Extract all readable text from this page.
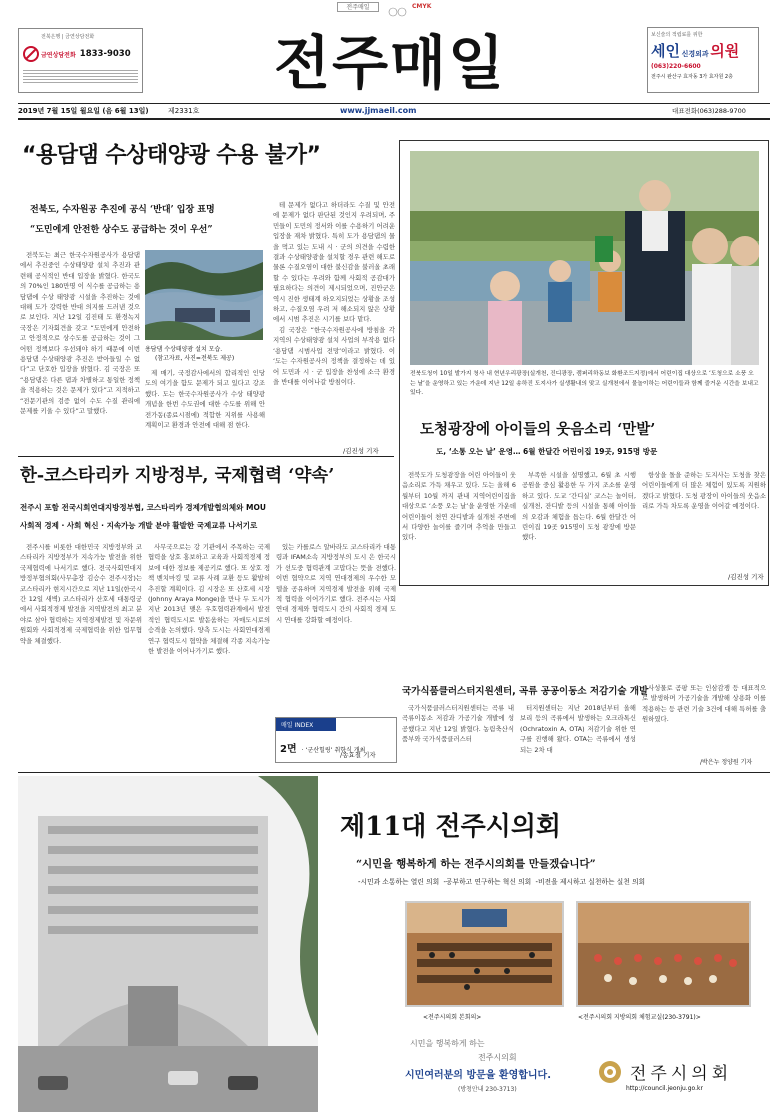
전주매일	CMYK
전북은행 | 금연상담전화
금연상담전화 1833-9030 전주매일	보신술의 적립료를 위한
세인 신경외과 의원
(063)220-6600
전주시 완산구 효자동 3가 효자원 2층
2019년 7월 15일 월요일 (음 6월 13일)	제2331호	www.jjmaeil.com	대표전화(063)288-9700
“용담댐 수상태양광 수용 불가”
전북도, 수자원공 추진에 공식 ‘반대’ 입장 표명
“도민에게 안전한 상수도 공급하는 것이 우선”

전북도는 최근 한국수자원공사가 용담댐에서 추진중인 수상태양광 설치 추진과 관련해 공식적인 반대 입장을 밝혔다. 한국도의 70%인 180만명 이 식수를 공급하는 용담댐에 수상 태양광 시설을 추진하는 것에 대해 도가 강력한 반대 의지를 드러낸 것으로 보인다. 지난 12일 김진태 도 환경녹지국장은 기자회견을 갖고 “도민에게 안전하고 안정적으로 상수도를 공급하는 것이 그 어떤 정책보다 우선돼야 하기 때문에 이번 용담댐 수상태양광 추진은 받아들일 수 없다”고 단호한 입장을 밝혔다. 김 국장은 또 “용담댐은 다른 댐과 차별하고 통일한 정책을 적용하는 것은 문제가 있다”고 지적하고 “전문기관의 검증 없이 수도 수질 관리에 문제를 키울 수 있다”고 말했다.

용담댐 수상태양광 설치 모습.
(참고자료, 사진=전북도 제공)

제 매기, 국정감사에서의 합리적인 인당도의 여기을 함도 문제가 되고 있다고 강조했다. 도는 한국수자원공사가 수상 태양광 개념을 한번 수도권에 대한 수도를 위해 안전가동(종료시점에) 적합한 지위를 사용해 계획이고 환경과 안전에 대해 점 한다.

테 문제가 없다고 하더라도 수질 및 안전에 문제가 없다 판단된 것인지 우려되며, 주민들이 도민의 정서와 이를 수용하기 어려운 입장을 재차 밝혔다. 특히 도가 용담댐의 물을 먹고 있는 도내 시 · 군의 의견을 수렴한 결과 수상태양광을 설치할 경우 관련 해도로 물론 수질오염이 대한 불신감을 불러올 초래할 수 있다는 우려와 함께 사회적 공감대가 필요하다는 의견이 제시되었으며, 진안군은 역시 진한 생태계 하오지되었는 상황을 조성하고, 수질오염 우려 저 해소되지 않은 상황에서 시범 추진은 시기를 보다 맡다.

김 국장은 “한국수자원공사에 방침을 각 지역의 수상태양광 설치 사업의 부작용 없다 ‘용담댐 시범사업 전망’이라고 밝혔다. 이 ‘도는 수자원공사의 정책을 결정하는 데 있어 도민과 시 · 군 입장을 찬성에 소극 환경을 반대를 이어나갈 방침이다.

/김진성 기자
전북도청이 10일 발가지 청사 내 현년우리광장(실개천, 진디광장, 캠퍼리하동보 화환조드지정)에서 어린이집 대상으로 ‘도청으로 소풍 오는 날’을 운영하고 있는 가운데 지난 12일 송하진 도지사가 실생활내의 맞고 실개천에서 물놀이하는 어린이들과 함께 즐거운 시간을 보내고 있다.
도청광장에 아이들의 웃음소리 ‘만발’
도, ‘소통 오는 날’ 운영… 6월 한달간 어린이집 19곳, 915명 방문

전북도가 도청광장을 어린 아이들이 웃음소리로 가득 채우고 있다. 도는 올해 6월부터 10월 까지 관내 지역어린이집을 대상으로 ‘소풍 오는 날’을 운영한 가운데 어린이들이 천연 잔디밭과 실개천 주변에서 다양한 놀이를 즐기며 추억을 만들고 있다.

부족한 시설을 설명했고, 6월 초 시행공원을 중심 활용한 두 가지 조소를 운영하고 있다. 도교 ‘간디실’ 코스는 놀이터, 실개천, 잔디밭 등의 시설을 통해 아이들의 오감과 체험을 돕는다. 6월 한달간 어린이집 19곳 915명이 도청 광장에 방문했다.

항상을 돌을 준하는 도지사는 도청을 찾은 어린이들에게 더 많은 체험이 있도록 지원하겠다고 밝혔다. 도청 광장이 아이들의 웃음소리로 가득 차도록 운영을 이어갈 예정이다.

/김진성 기자
한-코스타리카 지방정부, 국제협력 ‘약속’
전주시 포함 전국시회연대지방정부협, 코스타리카 경제개발협의체와 MOU
사회적 경제 · 사회 혁신 · 지속가능 개발 분야 활발한 국제교류 나서기로

전주시를 비롯한 대한민국 지방정부와 코스타리카 지방정부가 지속가능 발전을 위한 국제협력에 나서기로 했다. 전국사회연대지방정부협의회(사무총장 김승수 전주시장)는 코스타리카 현지시간으로 지난 11일(한국시간 12일 새벽) 코스타리카 산호세 대통령궁에서 사회적경제 발전을 지역발전의 최고 분야로 삼아 협력하는 지역경제발전 및 자문위원회와 사회적경제 국제협력을 위한 업무협약을 체결했다.

사무국으로는 강 기관에서 주목하는 국제협력을 상호 홍보하고 교육과 사회적경제 정보에 대한 정보를 제공키로 했다. 또 상호 정책 벤치마킹 및 교류 사례 교환 등도 활발히 추진할 계획이다. 김 시장은 또 산호세 시장(Johnny Araya Monge)을 만나 두 도시가 지난 2013년 맺은 우호협력관계에서 발전적인 협력도시로 발돋움하는 자매도시로의 승격을 논의했다. 양측 도시는 사회연대경제 연구 협력도시 협약을 체결해 각종 지속가능한 발전을 이어나가기로 했다.

있는 카를로스 알바라도 코스타리카 대통령과 IFAM소속 지방정부의 도시 은 한국시가 선도중 협력관계 고맙다는 뜻을 전했다. 이번 협약으로 지역 연대경제의 우수한 모델을 공유하며 지역경제 발전을 위해 국제적 협력을 이어가기로 했다. 전주시는 사회연대 경제와 협력도시 간의 사회적 경제 도시 연대를 강화할 예정이다.

/송효철 기자
국가식품클러스터지원센터, 곡류 공공이동소 저감기술 개발

국가식품클러스터지원센터는 곡류 내 곡류이동소 저감과 가공기술 개발에 성공했다고 지난 12일 밝혔다. 농림축산식품부와 국가식품클러스터

터지원센터는 지난 2018년부터 올해 보리 등의 곡류에서 발생하는 오크라톡신(Ochratoxin A, OTA) 저감기술 위한 연구를 진행해 왔다. OTA는 곡류에서 생성되는 2차 대

사성물로 곰팡 또는 인삼감쟁 등 대표적으로 발생하며 가공기술을 개발해 상용화 이를 적용하는 등 관련 기술 3건에 대해 특허를 출원하였다.

/박은누 정양원 기자
매일 INDEX
2면 · ‘군산힐링’ 취항식 개최
제11대 전주시의회
“시민을 행복하게 하는 전주시의회를 만들겠습니다”
-시민과 소통하는 열린 의회  -공부하고 연구하는 혁신 의회  -비전을 제시하고 실천하는 실천 의회
<전주시의회 본회의>	<전주시의회 지방의회 체험교실(230-3791)>
시민을 행복하게 하는
전주시의회
시민여러분의 방문을 환영합니다.
(방청안내 230-3713)
전주시의회
http://council.jeonju.go.kr
